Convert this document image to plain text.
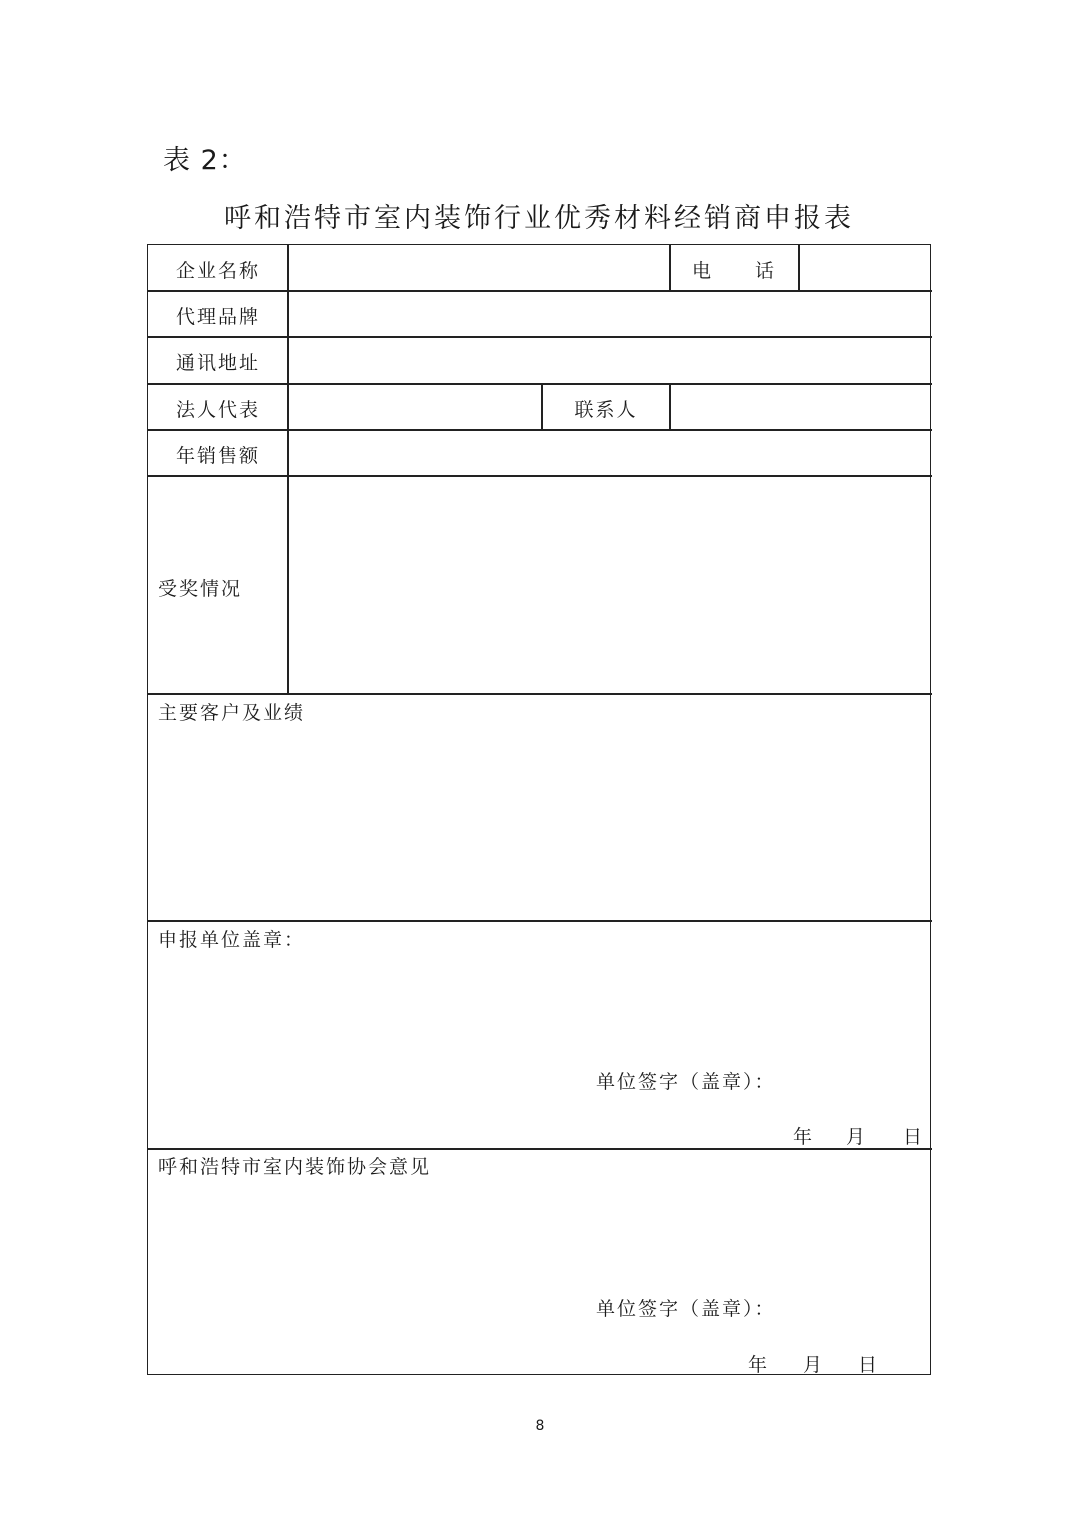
表 2：
呼和浩特市室内装饰行业优秀材料经销商申报表
企业名称	电　　话
代理品牌
通讯地址
法人代表	联系人
年销售额
受奖情况
主要客户及业绩
申报单位盖章：
单位签字（盖章）：
年 月 日
呼和浩特市室内装饰协会意见
单位签字（盖章）：
年 月 日
8
